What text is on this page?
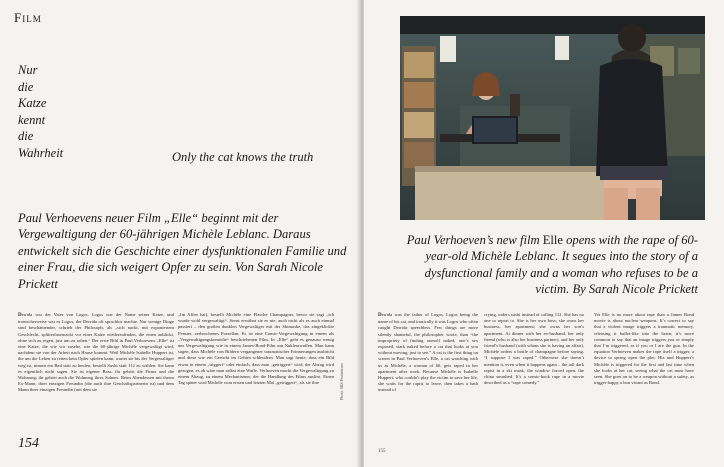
Film
Nur
die
Katze
kennt
die
Wahrheit	Only the cat knows the truth
Paul Verhoevens neuer Film „Elle“ beginnt mit der Vergewaltigung der 60-jährigen Michèle Leblanc. Daraus entwickelt sich die Geschichte einer dysfunktionalen Familie und einer Frau, die sich weigert Opfer zu sein. Von Sarah Nicole Prickett
Derrida war der Vater von Logos, Logos war der Name seiner Katze, und ironischerweise war es Logos, der Derrida oft sprachlos machte. Nur wenige Dinge sind beschämender, schrieb der Philosoph, als „sich nackt, mit exponiertem Geschlecht, splitterfasernackt vor einer Katze wiederzufinden, die einen anblickt, ohne sich zu regen, just um zu sehen.“ Der erste Bild in Paul Verhoevens „Elle“ ist eine Katze, die wie wir zusehe, wie die 60-jährige Michèle vergewaltigt wird, nachdem sie von der Arbeit nach Hause kommt. Weil Michèle Isabelle Huppert ist, die um die Leben zu retten kein Opfer spielen kann, wartet sie bis der Vergewaltiger weg ist, nimmt ein Bad statt zu heulen, bestellt Sushi statt 112 zu wählen. Sie kann es eigentlich nicht sagen. Sie ist eigener Boss, ihr gehört die Firma und die Wohnung; ihr gehört auch die Wohnung ihres Sohnes. Beim Abendessen mit ihrem Ex-Mann, ihrer einzigen Freundin (die auch ihre Geschäftspartnerin ist) und dem Mann ihrer einzigen Freundin (mit dem sie
„Im Affen hat), bestellt Michèle eine Flasche Champagner, bevor sie sagt „ich wurde wohl vergewaltigt“. Sonst erwähnt sie es nie, auch nicht als es auch einmal passiert – den großen dunklen Vergewaltiger mit der Skimaske, das zingeklickte Fenster, zerbrochenes Porzellan. Es ist eine Comic-Vergewaltigung in einem als „Vergewaltigungskomödie“ beschriebenen Film. In „Elle“ geht es genauso wenig um Vergewaltigung wie in einem James-Bond-Film um Nuklearwaffen. Man kann sagen, dass Michèle von Bildern vergangener traumatischer Erinnerungen ausbricht und diese wie ein Gerücht im Gehirn schleudern. Man sagt heute, dass ein Bild etwas in einem „triggert“ oder einfach, dass man „getriggert“ wird, der Abzug wird gezogen, es ab wäre man selbst eine Waffe. Verhoeven macht die Vergewaltigung zu einem Abzug, zu einem Mechanismus, der die Handlung des Films auslöst. Einen Tag später wird Michèle vom ersten und letzten Mal „getriggert“, als sie ihre	Photo: SBS Productions
154
Paul Verhoeven’s new film Elle opens with the rape of 60-year-old Michèle Leblanc. It segues into the story of a dysfunctional family and a woman who refuses to be a victim. By Sarah Nicole Prickett
Derrida was the father of Logos, Logos being the name of his cat, and ironically it was Logos who often caught Derrida speechless. Few things are more silently shameful, the philosopher wrote, than “the impropriety of finding oneself naked, one’s sex exposed, stark naked before a cat that looks at you without moving, just to see.” A cat is the first thing on screen in Paul Verhoeven’s Elle, a cat watching with us as Michèle, a woman of 60, gets raped in her apartment after work. Because Michèle is Isabelle Huppert, who couldn’t play the victim to save her life, she waits for the rapist to leave, then takes a bath instead of
crying, orders sushi instead of calling 112. She has no one to report to. She is her own boss; she owns her business, her apartment; she owns her son’s apartment. At dinner with her ex-husband, her only friend (who is also her business partner), and her only friend’s husband (with whom she is having an affair), Michèle orders a bottle of champagne before saying, “I suppose I was raped.” Otherwise she doesn’t mention it, even when it happens again – the tall dark rapist in a ski mask, the window forced open, the china smashed. It’s a comic-book rape in a movie described as a “rape comedy.”
Yet Elle is no more about rape than a James Bond movie is about nuclear weapons. It’s correct to say that a violent image triggers a traumatic memory, releasing it bullet-like into the brain; it’s more common to say that an image triggers you or simply that I’m triggered, as if you or I are the gun. In the equation Verhoeven makes the rape itself a trigger, a device to spring open the plot. His and Huppert’s Michèle is triggered for the first and last time when she looks at her cat, seeing what the cat must have seen. She goes on to be a weapon without a safety, as trigger-happy a bon vivant as Bond.
155
